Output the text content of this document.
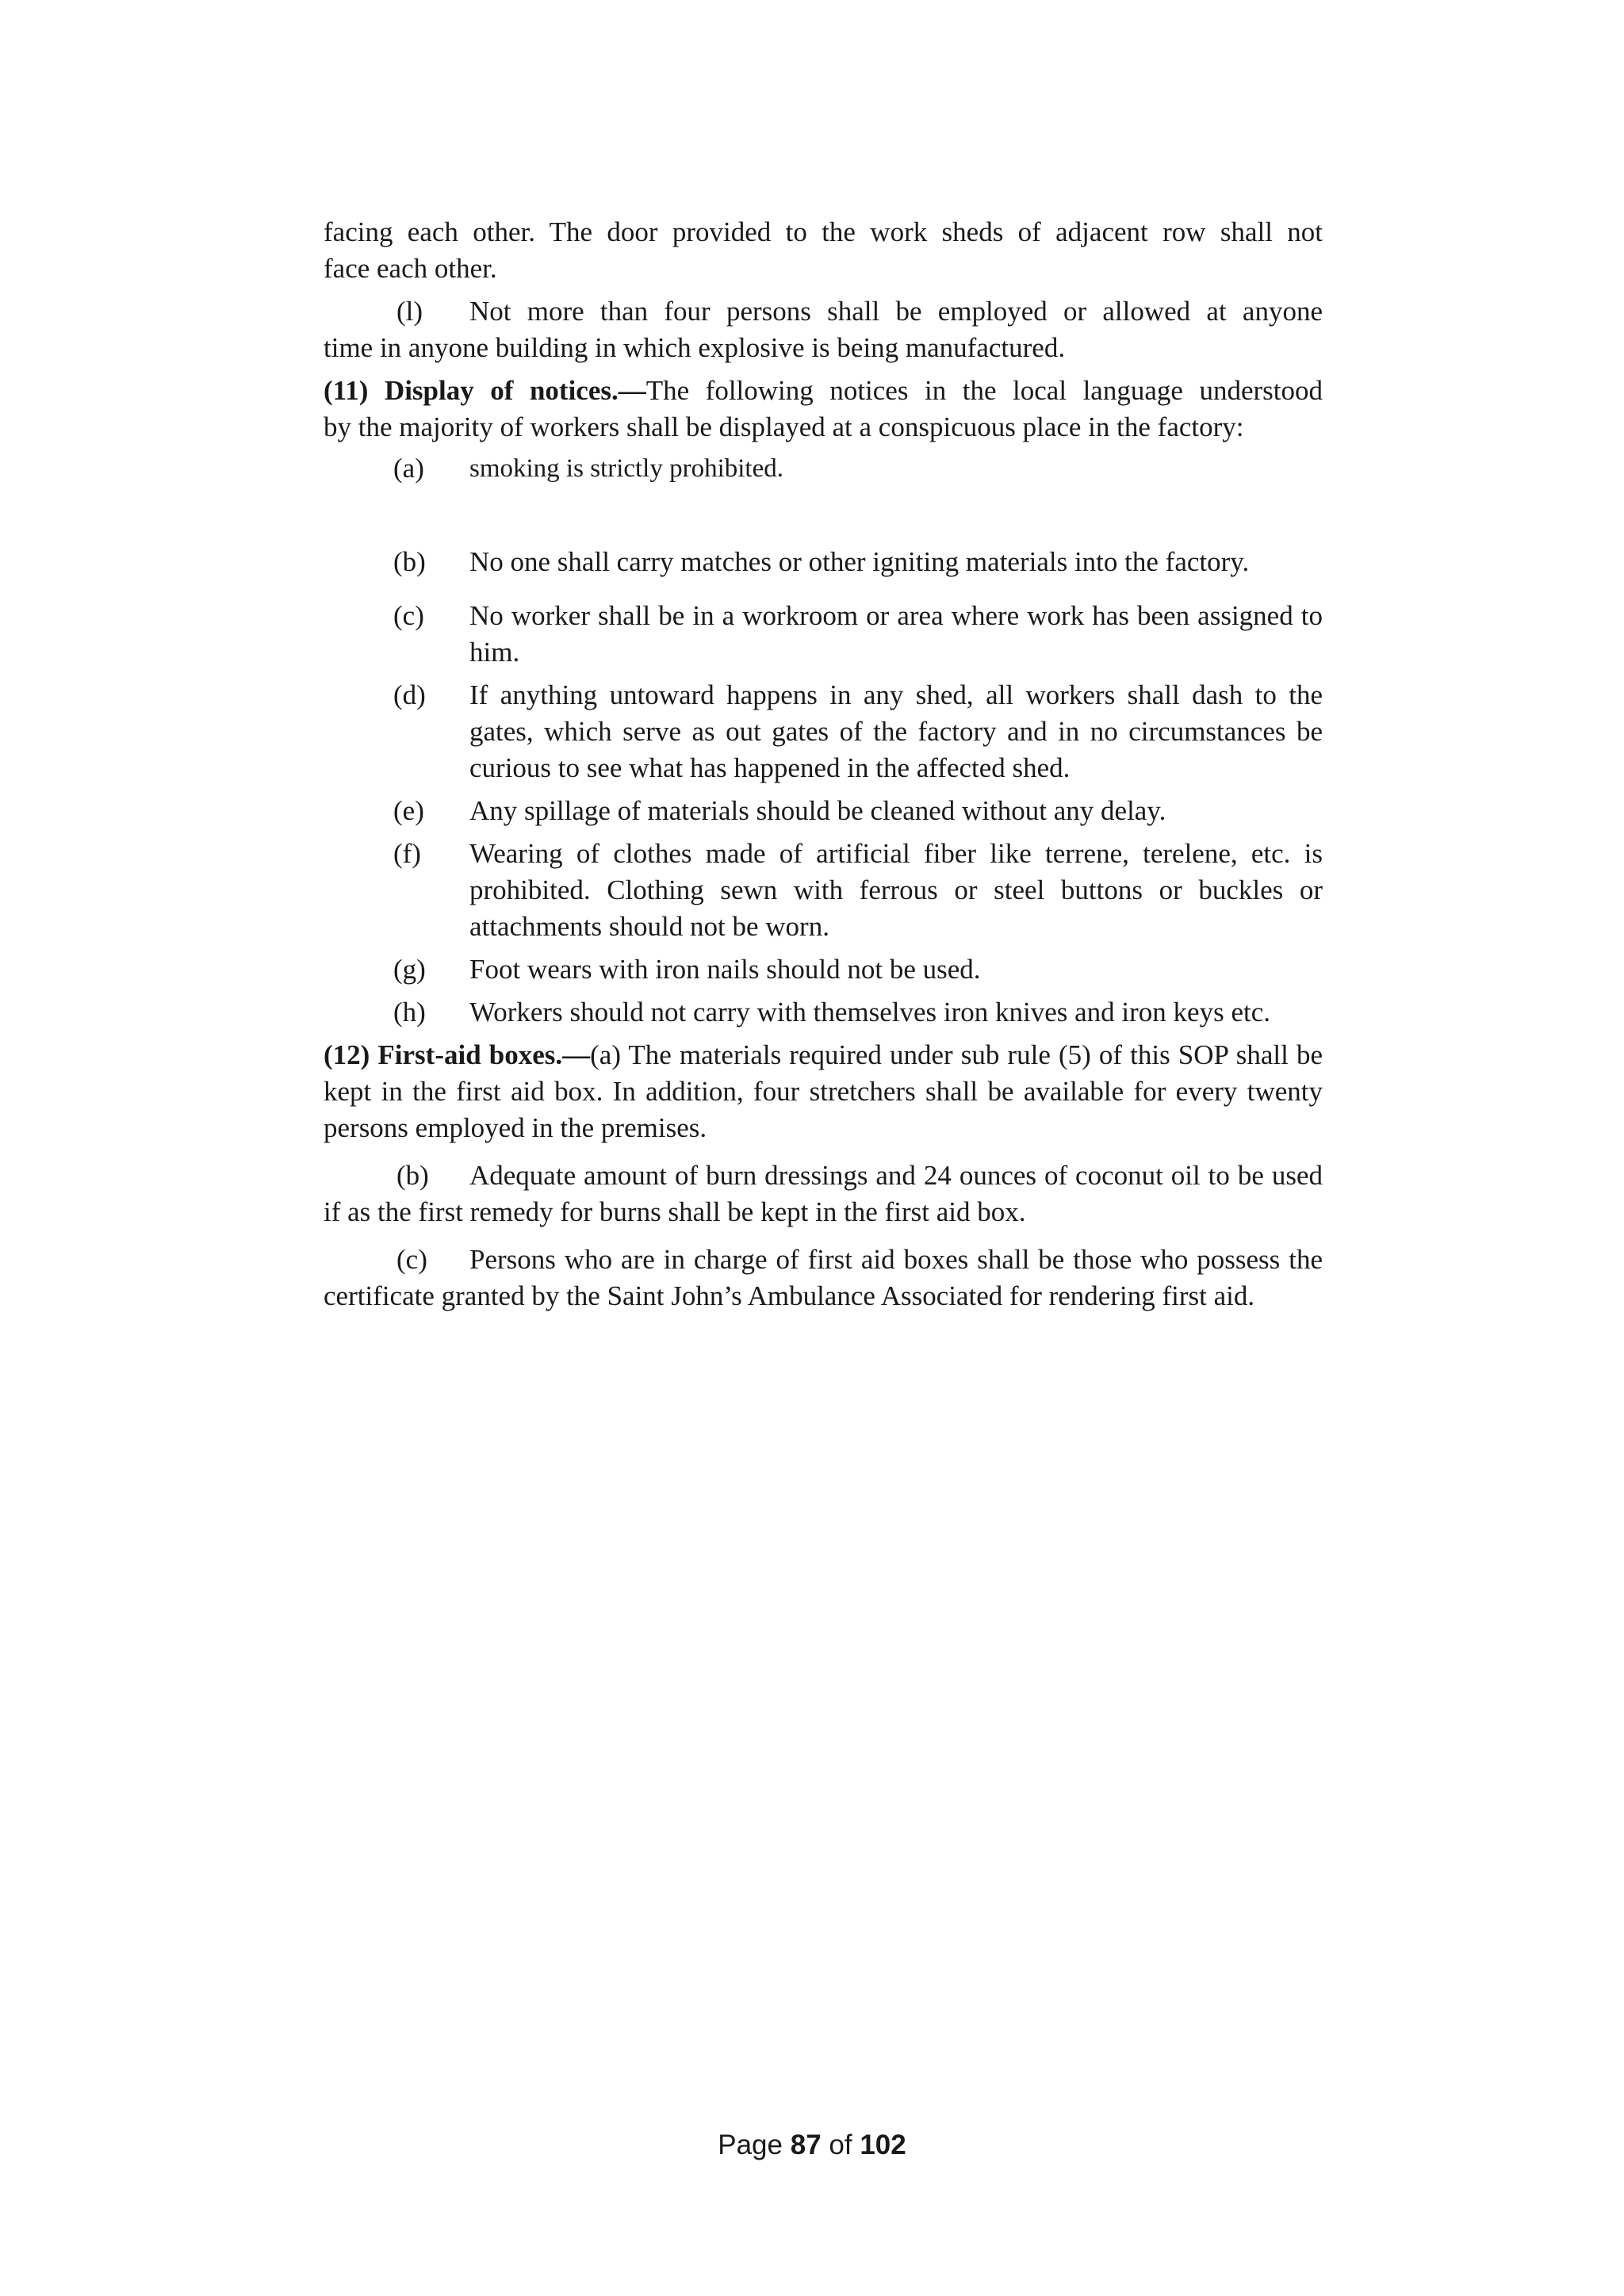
facing each other. The door provided to the work sheds of adjacent row shall not

face each other.

(l) Not more than four persons shall be employed or allowed at anyone

time in anyone building in which explosive is being manufactured.

(11) Display of notices.—The following notices in the local language understood

by the majority of workers shall be displayed at a conspicuous place in the factory:

(a)	smoking is strictly prohibited.
(b)	No one shall carry matches or other igniting materials into the factory.
(c)	No worker shall be in a workroom or area where work has been assigned to him.
(d)	If anything untoward happens in any shed, all workers shall dash to the gates, which serve as out gates of the factory and in no circumstances be curious to see what has happened in the affected shed.
(e)	Any spillage of materials should be cleaned without any delay.
(f)	Wearing of clothes made of artificial fiber like terrene, terelene, etc. is prohibited. Clothing sewn with ferrous or steel buttons or buckles or attachments should not be worn.
(g)	Foot wears with iron nails should not be used.
(h)	Workers should not carry with themselves iron knives and iron keys etc.

(12) First-aid boxes.—(a) The materials required under sub rule (5) of this SOP shall be kept in the first aid box. In addition, four stretchers shall be available for every twenty persons employed in the premises.

(b) Adequate amount of burn dressings and 24 ounces of coconut oil to be used if as the first remedy for burns shall be kept in the first aid box.

(c) Persons who are in charge of first aid boxes shall be those who possess the certificate granted by the Saint John’s Ambulance Associated for rendering first aid.

Page 87 of 102
